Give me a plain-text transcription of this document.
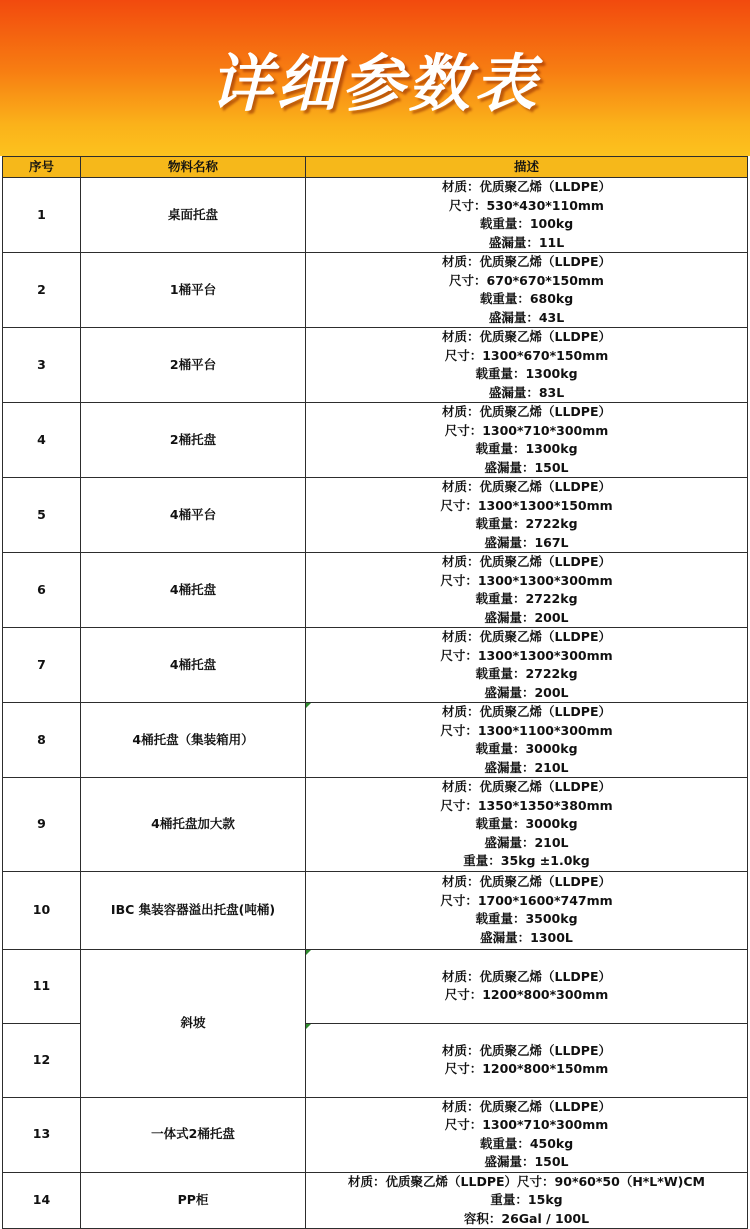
详细参数表
序号	物料名称	描述
1	桌面托盘	材质：优质聚乙烯（LLDPE）
尺寸：530*430*110mm
载重量：100kg
盛漏量：11L

2	1桶平台	材质：优质聚乙烯（LLDPE）
尺寸：670*670*150mm
载重量：680kg
盛漏量：43L

3	2桶平台	材质：优质聚乙烯（LLDPE）
尺寸：1300*670*150mm
载重量：1300kg
盛漏量：83L

4	2桶托盘	材质：优质聚乙烯（LLDPE）
尺寸：1300*710*300mm
载重量：1300kg
盛漏量：150L

5	4桶平台	材质：优质聚乙烯（LLDPE）
尺寸：1300*1300*150mm
载重量：2722kg
盛漏量：167L

6	4桶托盘	材质：优质聚乙烯（LLDPE）
尺寸：1300*1300*300mm
载重量：2722kg
盛漏量：200L

7	4桶托盘	材质：优质聚乙烯（LLDPE）
尺寸：1300*1300*300mm
载重量：2722kg
盛漏量：200L

8	4桶托盘（集装箱用）	材质：优质聚乙烯（LLDPE）
尺寸：1300*1100*300mm
载重量：3000kg
盛漏量：210L

9	4桶托盘加大款	材质：优质聚乙烯（LLDPE）
尺寸：1350*1350*380mm
载重量：3000kg
盛漏量：210L
重量：35kg ±1.0kg

10	IBC 集装容器溢出托盘(吨桶)	材质：优质聚乙烯（LLDPE）
尺寸：1700*1600*747mm
载重量：3500kg
盛漏量：1300L

11	斜坡	材质：优质聚乙烯（LLDPE）
尺寸：1200*800*300mm

12		材质：优质聚乙烯（LLDPE）
尺寸：1200*800*150mm

13	一体式2桶托盘	材质：优质聚乙烯（LLDPE）
尺寸：1300*710*300mm
载重量：450kg
盛漏量：150L

14	PP柜	材质：优质聚乙烯（LLDPE）尺寸：90*60*50（H*L*W)CM
重量：15kg
容积：26Gal / 100L
